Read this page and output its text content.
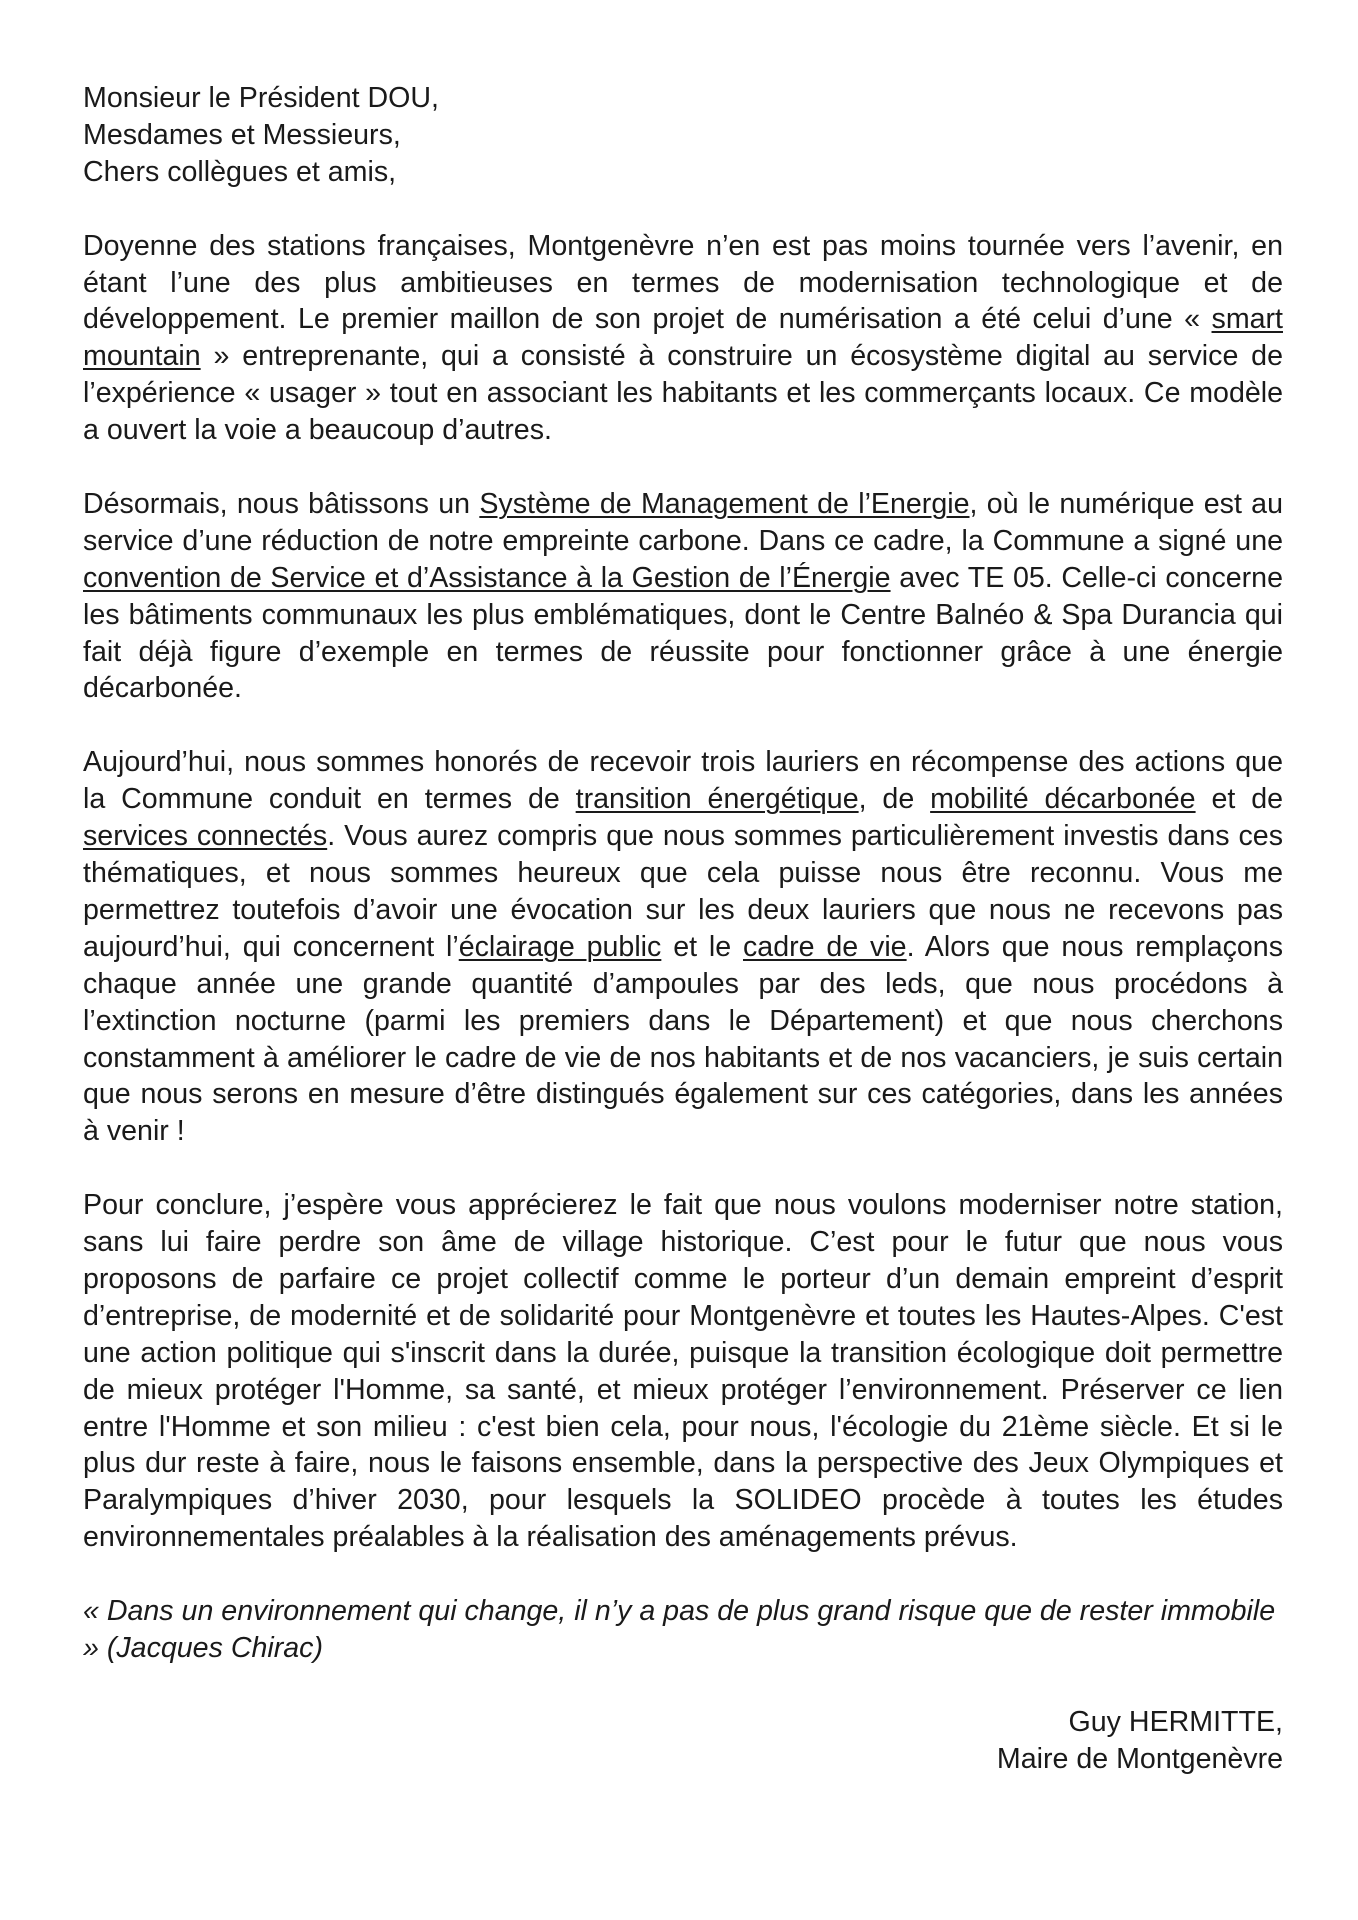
Monsieur le Président DOU,

Mesdames et Messieurs,

Chers collègues et amis,

Doyenne des stations françaises, Montgenèvre n’en est pas moins tournée vers l’avenir, en étant l’une des plus ambitieuses en termes de modernisation technologique et de développement. Le premier maillon de son projet de numérisation a été celui d’une « smart mountain » entreprenante, qui a consisté à construire un écosystème digital au service de l’expérience « usager » tout en associant les habitants et les commerçants locaux. Ce modèle a ouvert la voie a beaucoup d’autres.

Désormais, nous bâtissons un Système de Management de l’Energie, où le numérique est au service d’une réduction de notre empreinte carbone. Dans ce cadre, la Commune a signé une convention de Service et d’Assistance à la Gestion de l’Énergie avec TE 05. Celle-ci concerne les bâtiments communaux les plus emblématiques, dont le Centre Balnéo & Spa Durancia qui fait déjà figure d’exemple en termes de réussite pour fonctionner grâce à une énergie décarbonée.

Aujourd’hui, nous sommes honorés de recevoir trois lauriers en récompense des actions que la Commune conduit en termes de transition énergétique, de mobilité décarbonée et de services connectés. Vous aurez compris que nous sommes particulièrement investis dans ces thématiques, et nous sommes heureux que cela puisse nous être reconnu. Vous me permettrez toutefois d’avoir une évocation sur les deux lauriers que nous ne recevons pas aujourd’hui, qui concernent l’éclairage public et le cadre de vie. Alors que nous remplaçons chaque année une grande quantité d’ampoules par des leds, que nous procédons à l’extinction nocturne (parmi les premiers dans le Département) et que nous cherchons constamment à améliorer le cadre de vie de nos habitants et de nos vacanciers, je suis certain que nous serons en mesure d’être distingués également sur ces catégories, dans les années à venir !

Pour conclure, j’espère vous apprécierez le fait que nous voulons moderniser notre station, sans lui faire perdre son âme de village historique. C’est pour le futur que nous vous proposons de parfaire ce projet collectif comme le porteur d’un demain empreint d’esprit d’entreprise, de modernité et de solidarité pour Montgenèvre et toutes les Hautes-Alpes. C'est une action politique qui s'inscrit dans la durée, puisque la transition écologique doit permettre de mieux protéger l'Homme, sa santé, et mieux protéger l’environnement. Préserver ce lien entre l'Homme et son milieu : c'est bien cela, pour nous, l'écologie du 21ème siècle. Et si le plus dur reste à faire, nous le faisons ensemble, dans la perspective des Jeux Olympiques et Paralympiques d’hiver 2030, pour lesquels la SOLIDEO procède à toutes les études environnementales préalables à la réalisation des aménagements prévus.

« Dans un environnement qui change, il n’y a pas de plus grand risque que de rester immobile » (Jacques Chirac)

Guy HERMITTE,

Maire de Montgenèvre
